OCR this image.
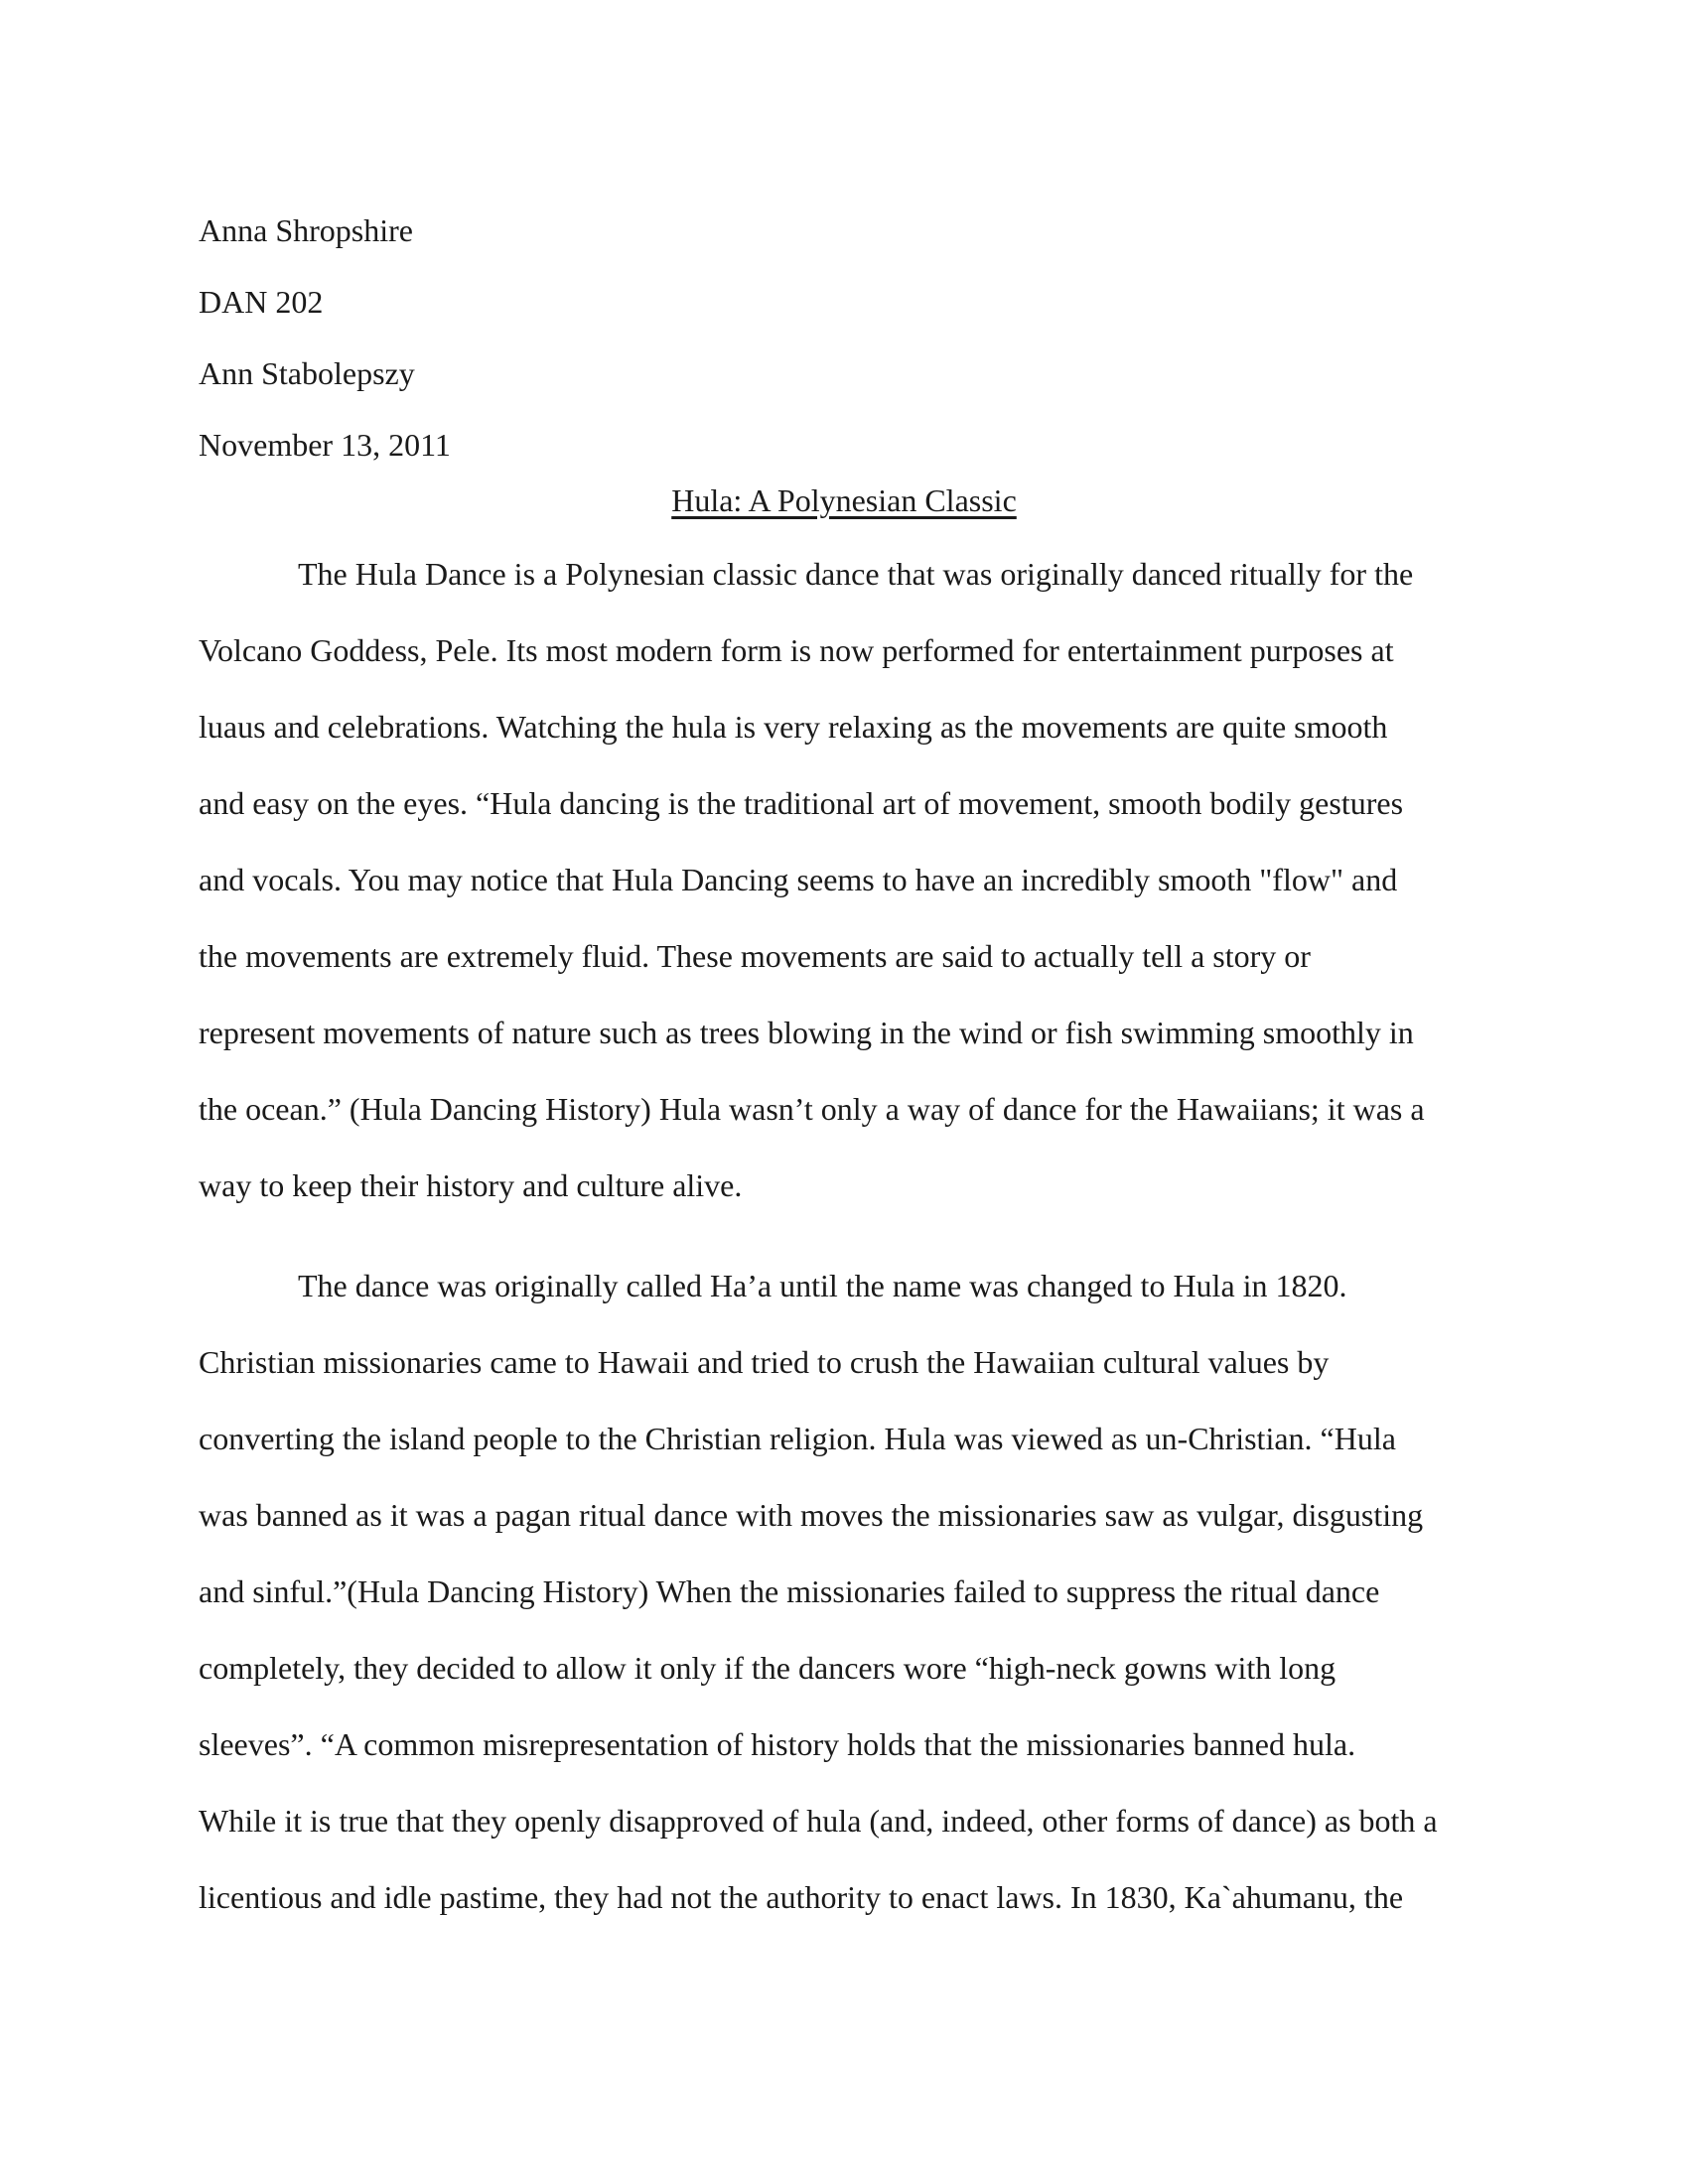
Anna Shropshire
DAN 202
Ann Stabolepszy
November 13, 2011
Hula: A Polynesian Classic
The Hula Dance is a Polynesian classic dance that was originally danced ritually for the
Volcano Goddess, Pele. Its most modern form is now performed for entertainment purposes at
luaus and celebrations. Watching the hula is very relaxing as the movements are quite smooth
and easy on the eyes. “Hula dancing is the traditional art of movement, smooth bodily gestures
and vocals. You may notice that Hula Dancing seems to have an incredibly smooth "flow" and
the movements are extremely fluid. These movements are said to actually tell a story or
represent movements of nature such as trees blowing in the wind or fish swimming smoothly in
the ocean.” (Hula Dancing History) Hula wasn’t only a way of dance for the Hawaiians; it was a
way to keep their history and culture alive.
The dance was originally called Ha’a until the name was changed to Hula in 1820.
Christian missionaries came to Hawaii and tried to crush the Hawaiian cultural values by
converting the island people to the Christian religion. Hula was viewed as un-Christian. “Hula
was banned as it was a pagan ritual dance with moves the missionaries saw as vulgar, disgusting
and sinful.”(Hula Dancing History) When the missionaries failed to suppress the ritual dance
completely, they decided to allow it only if the dancers wore “high-neck gowns with long
sleeves”. “A common misrepresentation of history holds that the missionaries banned hula.
While it is true that they openly disapproved of hula (and, indeed, other forms of dance) as both a
licentious and idle pastime, they had not the authority to enact laws. In 1830, Ka`ahumanu, the
